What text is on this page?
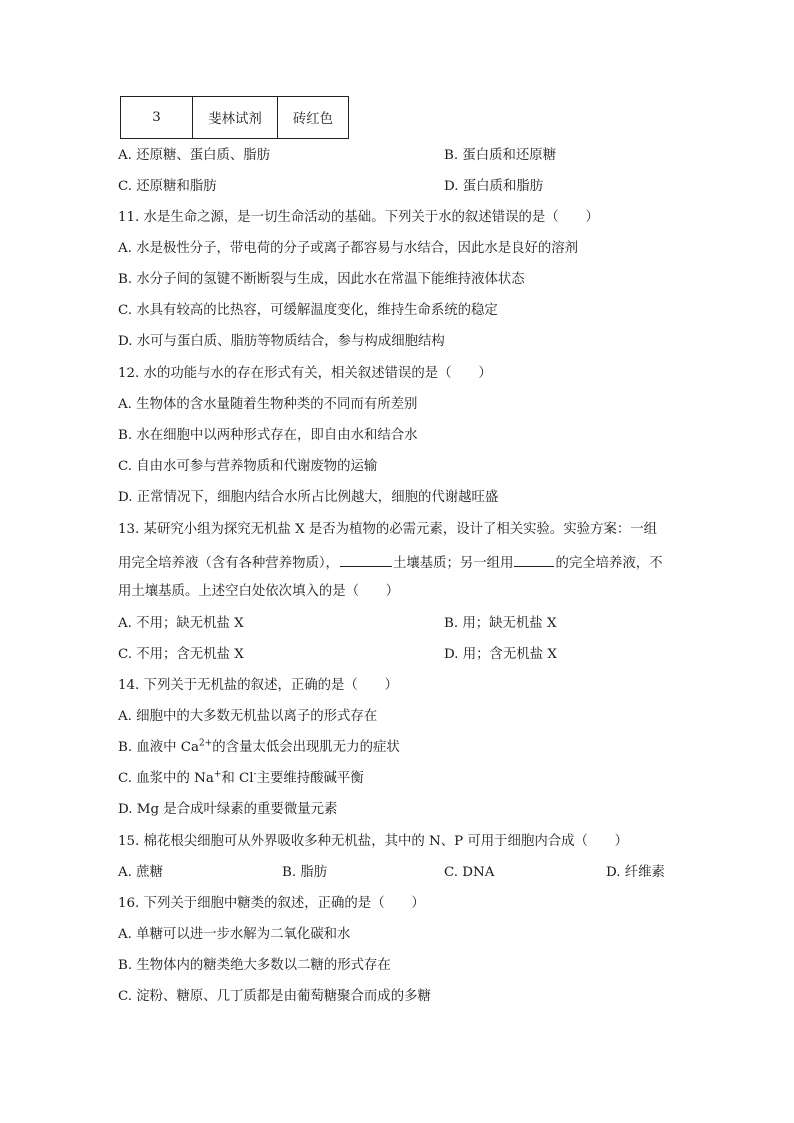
3	斐林试剂	砖红色
A. 还原糖、蛋白质、脂肪	B. 蛋白质和还原糖
C. 还原糖和脂肪	D. 蛋白质和脂肪
11. 水是生命之源，是一切生命活动的基础。下列关于水的叙述错误的是（　　）
A. 水是极性分子，带电荷的分子或离子都容易与水结合，因此水是良好的溶剂
B. 水分子间的氢键不断断裂与生成，因此水在常温下能维持液体状态
C. 水具有较高的比热容，可缓解温度变化，维持生命系统的稳定
D. 水可与蛋白质、脂肪等物质结合，参与构成细胞结构
12. 水的功能与水的存在形式有关，相关叙述错误的是（　　）
A. 生物体的含水量随着生物种类的不同而有所差别
B. 水在细胞中以两种形式存在，即自由水和结合水
C. 自由水可参与营养物质和代谢废物的运输
D. 正常情况下，细胞内结合水所占比例越大，细胞的代谢越旺盛
13. 某研究小组为探究无机盐 X 是否为植物的必需元素，设计了相关实验。实验方案：一组
用完全培养液（含有各种营养物质），	土壤基质；另一组用	的完全培养液，不
用土壤基质。上述空白处依次填入的是（　　）
A. 不用；缺无机盐 X	B. 用；缺无机盐 X
C. 不用；含无机盐 X	D. 用；含无机盐 X
14. 下列关于无机盐的叙述，正确的是（　　）
A. 细胞中的大多数无机盐以离子的形式存在
B. 血液中 $Ca^{2+}$的含量太低会出现肌无力的症状
C. 血浆中的 Na+和 Cl-主要维持酸碱平衡
D. Mg 是合成叶绿素的重要微量元素
15. 棉花根尖细胞可从外界吸收多种无机盐，其中的 N、P 可用于细胞内合成（　　）
A. 蔗糖	B. 脂肪	C. DNA	D. 纤维素
16. 下列关于细胞中糖类的叙述，正确的是（　　）
A. 单糖可以进一步水解为二氧化碳和水
B. 生物体内的糖类绝大多数以二糖的形式存在
C. 淀粉、糖原、几丁质都是由葡萄糖聚合而成的多糖
